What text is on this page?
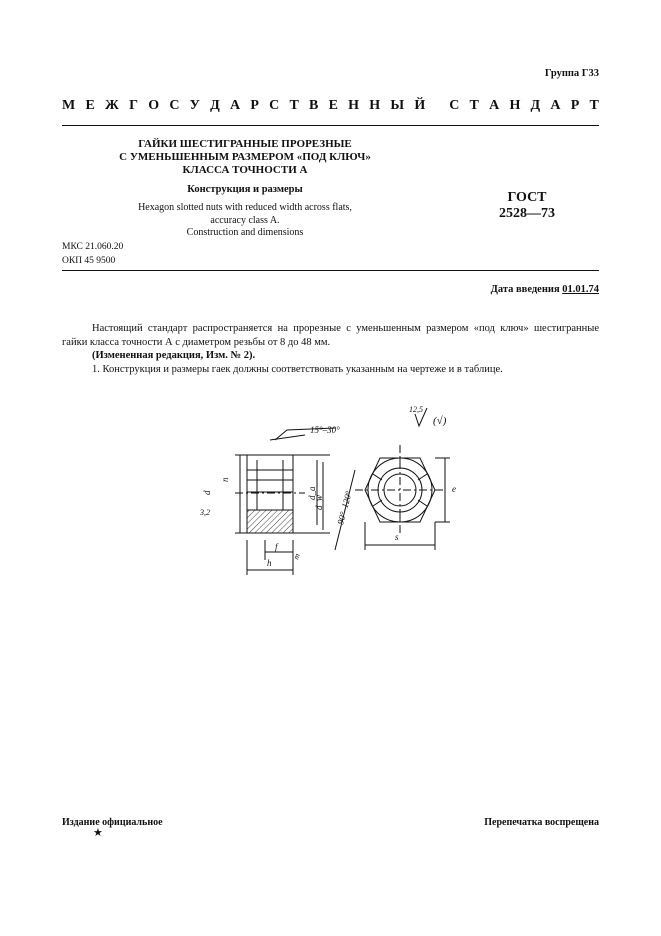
Группа Г33
М Е Ж Г О С У Д А Р С Т В Е Н Н Ы Й
С Т А Н Д А Р Т
ГАЙКИ ШЕСТИГРАННЫЕ ПРОРЕЗНЫЕ
С УМЕНЬШЕННЫМ РАЗМЕРОМ «ПОД КЛЮЧ»
КЛАССА ТОЧНОСТИ А
Конструкция и размеры
Hexagon slotted nuts with reduced width across flats,
accuracy class A.
Construction and dimensions
ГОСТ
2528—73
МКС 21.060.20
ОКП 45 9500
Дата введения 01.01.74
Настоящий стандарт распространяется на прорезные с уменьшенным размером «под ключ» шестигранные гайки класса точности А с диаметром резьбы от 8 до 48 мм.
(Измененная редакция, Изм. № 2).
1. Конструкция и размеры гаек должны соответствовать указанным на чертеже и в таблице.
15°–30°
d
n
d_a
d_w 90°–120°
3,2
f
h
m
s
e
12,5
(√)
Издание официальное	Перепечатка воспрещена
★
